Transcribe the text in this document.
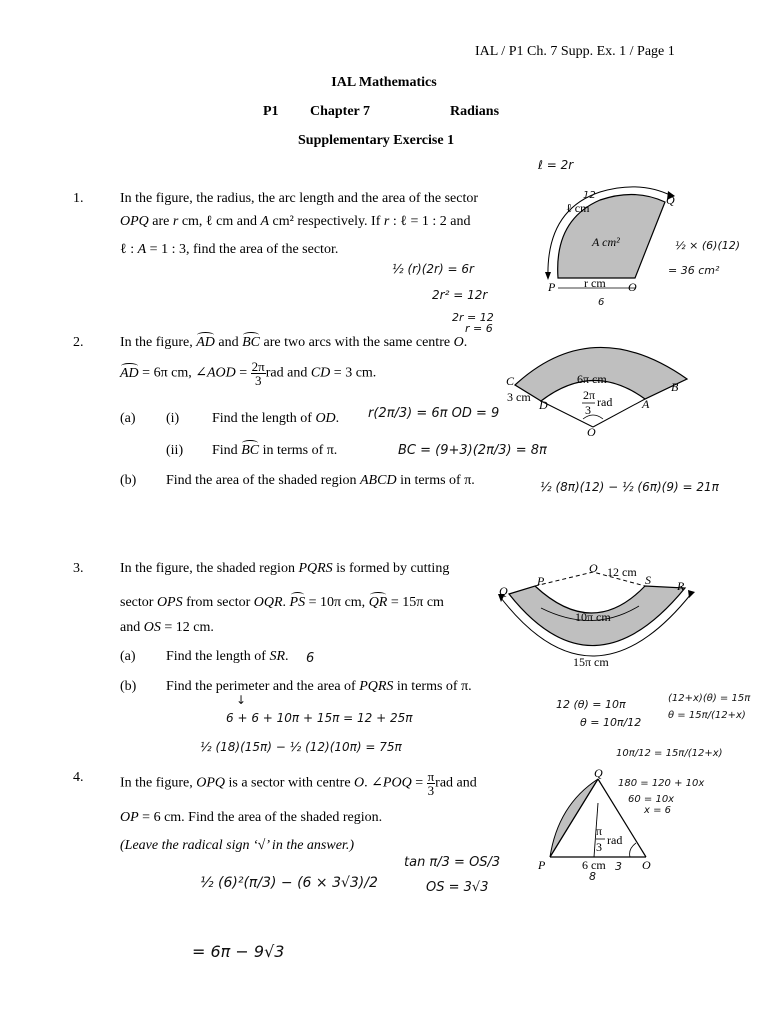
IAL / P1 Ch. 7 Supp. Ex. 1 / Page 1
IAL Mathematics
P1 Chapter 7	Radians
Supplementary Exercise 1
1.	In the figure, the radius, the arc length and the area of the sector
OPQ are r cm, ℓ cm and A cm² respectively. If r : ℓ = 1 : 2 and
ℓ : A = 1 : 3, find the area of the sector.
ℓ cm
A cm²
r cm
P	O
Q
ℓ = 2r
12
6
½ (r)(2r) = 6r
2r² = 12r
2r = 12
r = 6
½ × (6)(12)
= 36 cm²
2.	In the figure, AD and BC are two arcs with the same centre O.
AD = 6π cm, ∠AOD = $\frac{2\pi}{3}$ rad and CD = 3 cm.
(a) (i) Find the length of OD.
(ii) Find BC in terms of π.
(b) Find the area of the shaded region ABCD in terms of π.
C	B
D	A
O
3 cm
6π cm
2π
3
rad
r(2π/3) = 6π OD = 9
BC = (9+3)(2π/3) = 8π
½ (8π)(12) − ½ (6π)(9) = 21π
3.	In the figure, the shaded region PQRS is formed by cutting
sector OPS from sector OQR. PS = 10π cm, QR = 15π cm
and OS = 12 cm.
(a) Find the length of SR. 6
(b) Find the perimeter and the area of PQRS in terms of π.
O
P	S
Q	R
12 cm
10π cm
15π cm
↓
6 + 6 + 10π + 15π = 12 + 25π
½ (18)(15π) − ½ (12)(10π) = 75π
12 (θ) = 10π
θ = 10π/12
(12+x)(θ) = 15π
θ = 15π/(12+x)
10π/12 = 15π/(12+x)
180 = 120 + 10x
60 = 10x
x = 6
4.	In the figure, OPQ is a sector with centre O. ∠POQ = $\frac{\pi}{3}$ rad and
OP = 6 cm. Find the area of the shaded region.
(Leave the radical sign ‘√’ in the answer.)
Q
P	O
6 cm
π
3 rad
8
3
tan π/3 = OS/3
OS = 3√3
½ (6)²(π/3) − (6 × 3√3)/2
= 6π − 9√3
